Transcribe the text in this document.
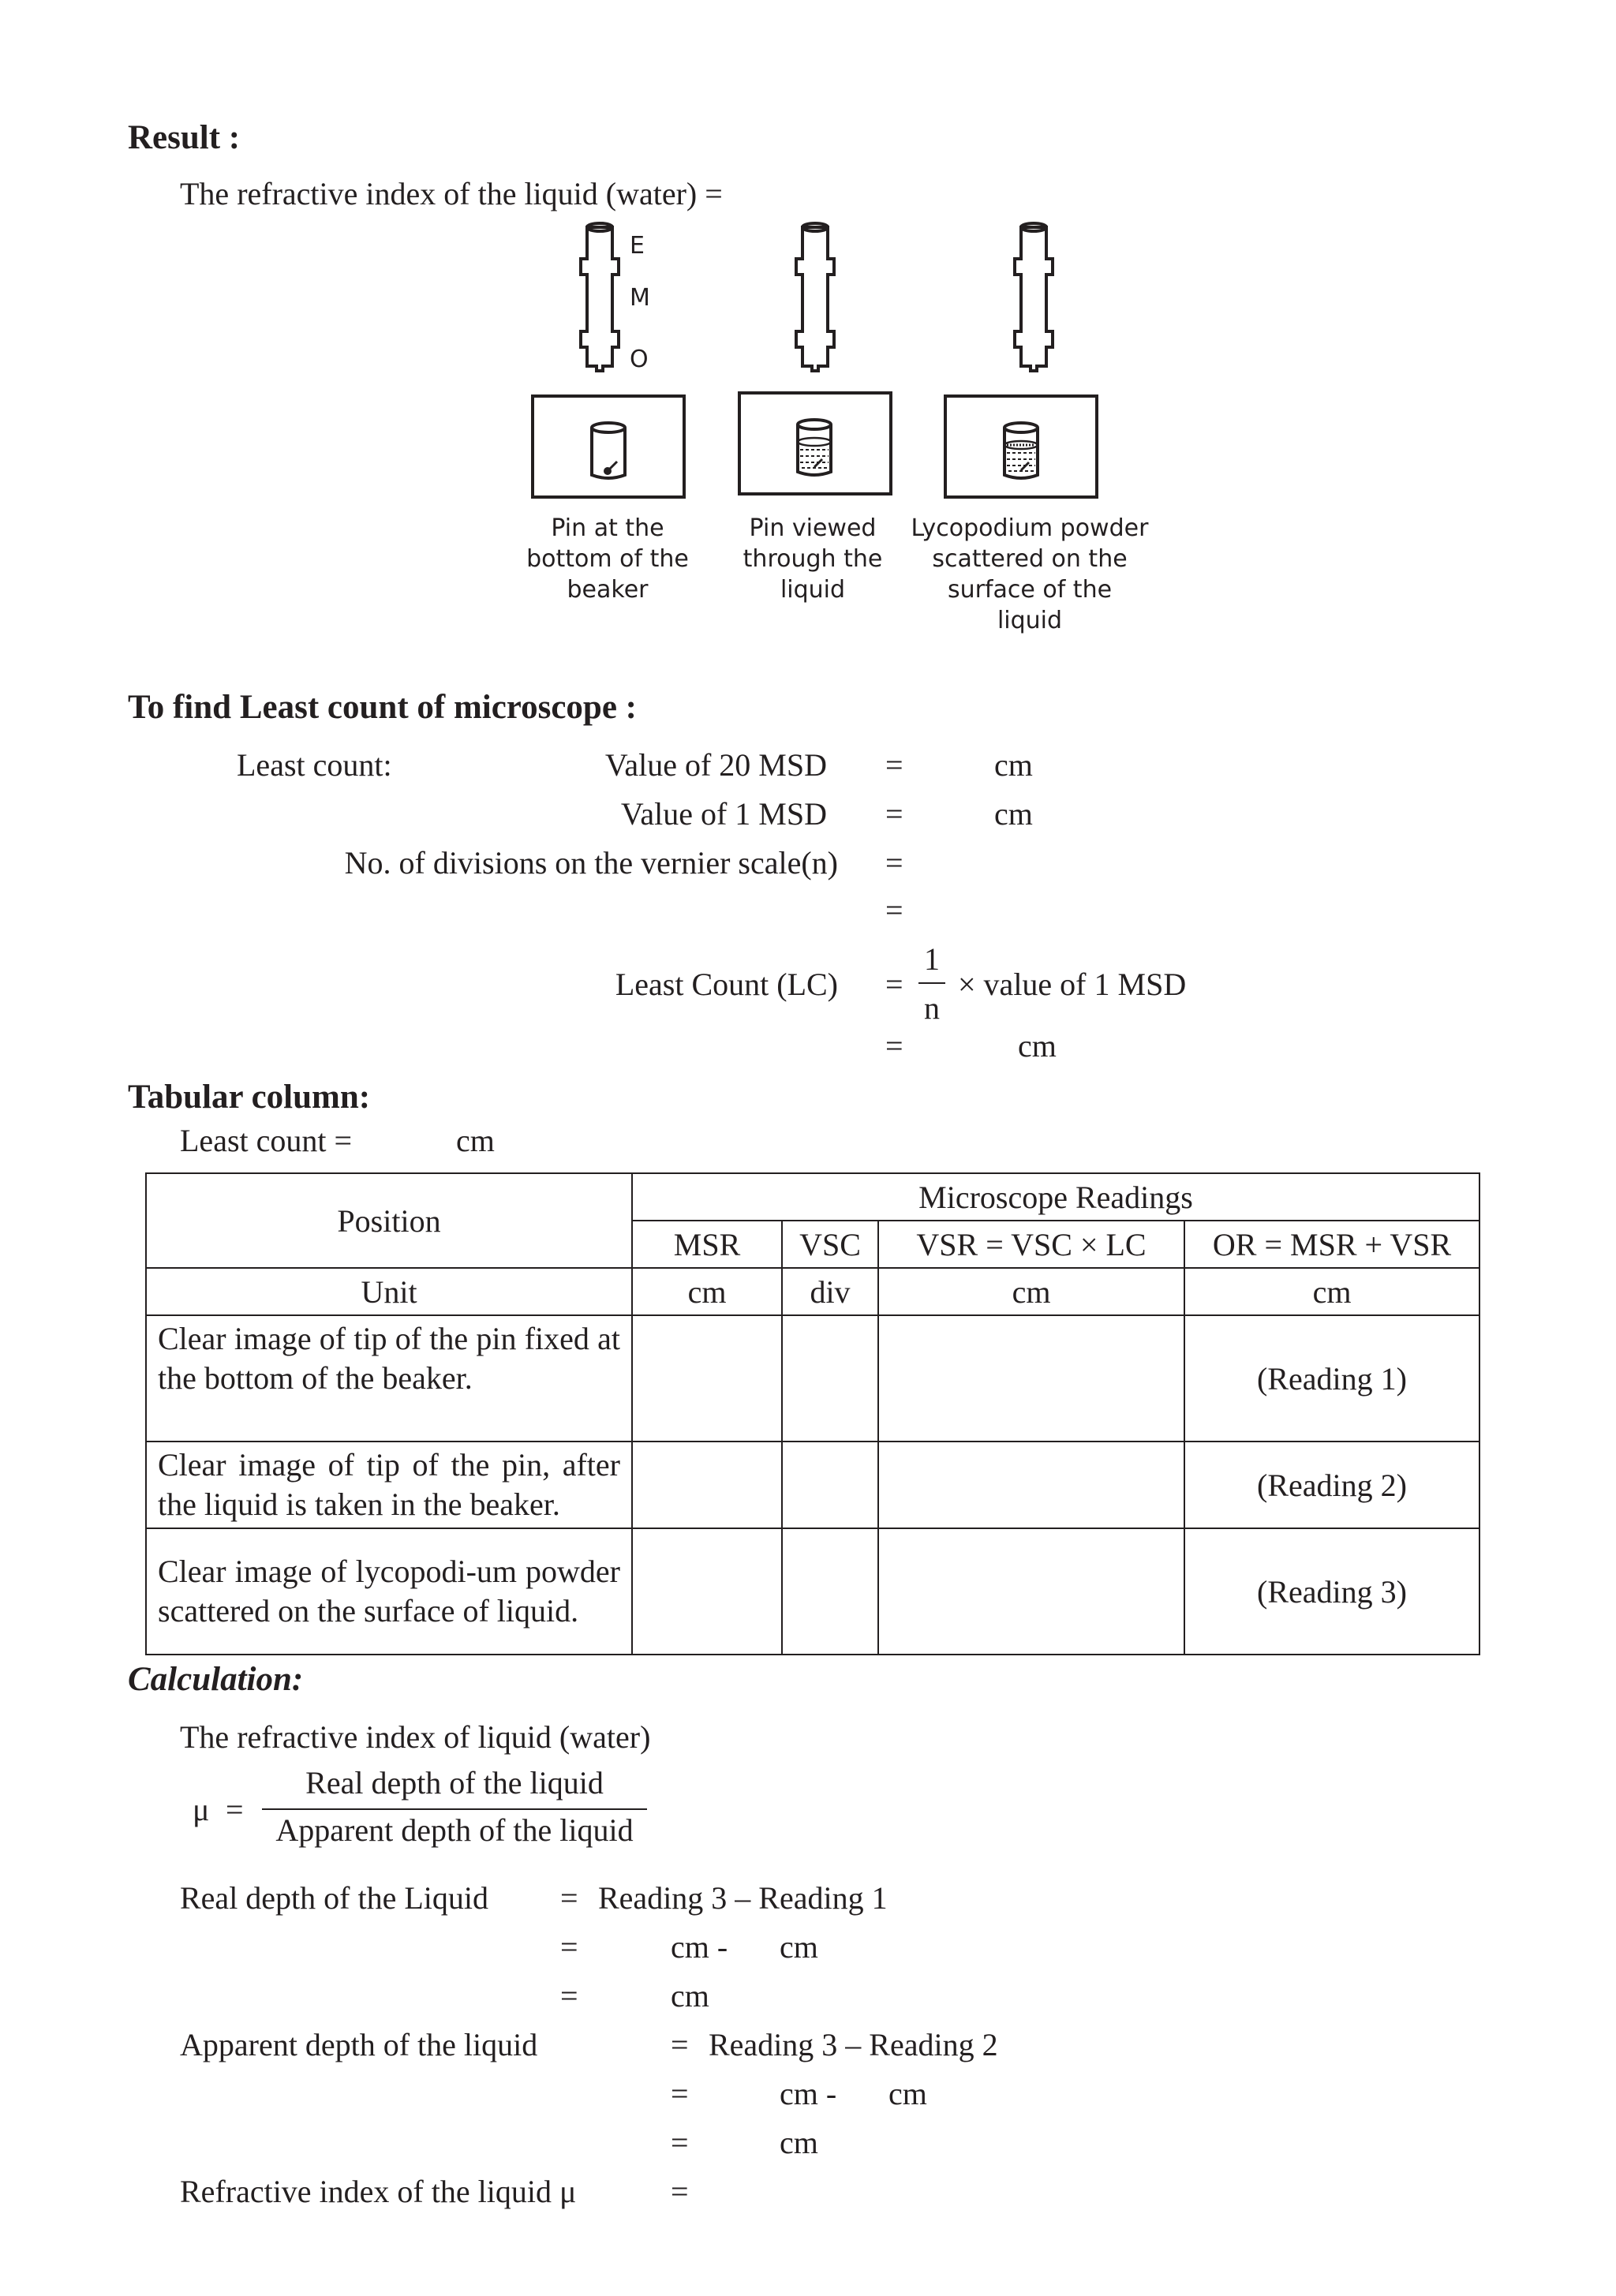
Result :
The refractive index of the liquid (water) =
E
M
O
Pin at the
bottom of the
beaker
Pin viewed
through the
liquid
Lycopodium powder
scattered on the
surface of the
liquid
To find Least count of microscope :
Least count:	Value of 20 MSD =	cm
Value of 1 MSD =	cm
No. of divisions on the vernier scale(n) =
=
Least Count (LC) =
1
n
× value of 1 MSD
=	cm
Tabular column:
Least count =	cm
Position	Microscope Readings			
	MSR	VSC	VSR = VSC × LC	OR = MSR + VSR
Unit	cm	div	cm	cm
Clear image of tip of the pin fixed at the bottom of the beaker.				(Reading 1)
Clear image of tip of the pin, after the liquid is taken in the beaker.				(Reading 2)
Clear image of lycopodi-um powder scattered on the surface of liquid.				(Reading 3)
Calculation:
The refractive index of liquid (water)
μ =
Real depth of the liquid
Apparent depth of the liquid
Real depth of the Liquid = Reading 3 – Reading 1
=	cm - cm
=	cm
Apparent depth of the liquid	= Reading 3 – Reading 2
=	cm - cm
=	cm
Refractive index of the liquid μ	=
